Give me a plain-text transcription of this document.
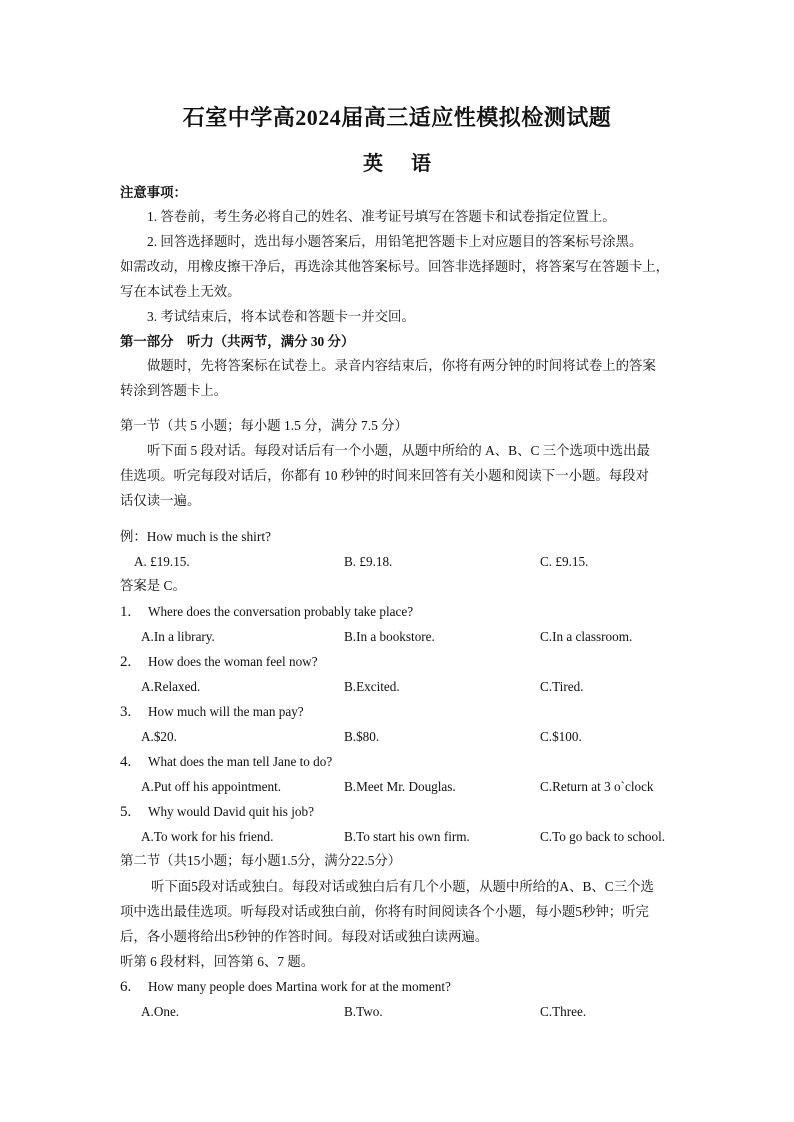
石室中学高2024届高三适应性模拟检测试题
英 语
注意事项：
1. 答卷前，考生务必将自己的姓名、准考证号填写在答题卡和试卷指定位置上。
2. 回答选择题时，选出每小题答案后，用铅笔把答题卡上对应题目的答案标号涂黑。
如需改动，用橡皮擦干净后，再选涂其他答案标号。回答非选择题时，将答案写在答题卡上，
写在本试卷上无效。
3. 考试结束后，将本试卷和答题卡一并交回。
第一部分　听力（共两节，满分 30 分）
做题时，先将答案标在试卷上。录音内容结束后，你将有两分钟的时间将试卷上的答案
转涂到答题卡上。
第一节（共 5 小题；每小题 1.5 分，满分 7.5 分）
听下面 5 段对话。每段对话后有一个小题，从题中所给的 A、B、C 三个选项中选出最
佳选项。听完每段对话后，你都有 10 秒钟的时间来回答有关小题和阅读下一小题。每段对
话仅读一遍。
例：How much is the shirt?
A. £19.15.	B. £9.18.	C. £9.15.
答案是 C。
1. Where does the conversation probably take place?
A.In a library.	B.In a bookstore.	C.In a classroom.
2. How does the woman feel now?
A.Relaxed.	B.Excited.	C.Tired.
3. How much will the man pay?
A.$20.	B.$80.	C.$100.
4. What does the man tell Jane to do?
A.Put off his appointment.	B.Meet Mr. Douglas.	C.Return at 3 o`clock
5. Why would David quit his job?
A.To work for his friend.	B.To start his own firm.	C.To go back to school.
第二节（共15小题；每小题1.5分，满分22.5分）
听下面5段对话或独白。每段对话或独白后有几个小题，从题中所给的A、B、C三个选
项中选出最佳选项。听每段对话或独白前，你将有时间阅读各个小题，每小题5秒钟；听完
后，各小题将给出5秒钟的作答时间。每段对话或独白读两遍。
听第 6 段材料，回答第 6、7 题。
6. How many people does Martina work for at the moment?
A.One.	B.Two.	C.Three.
